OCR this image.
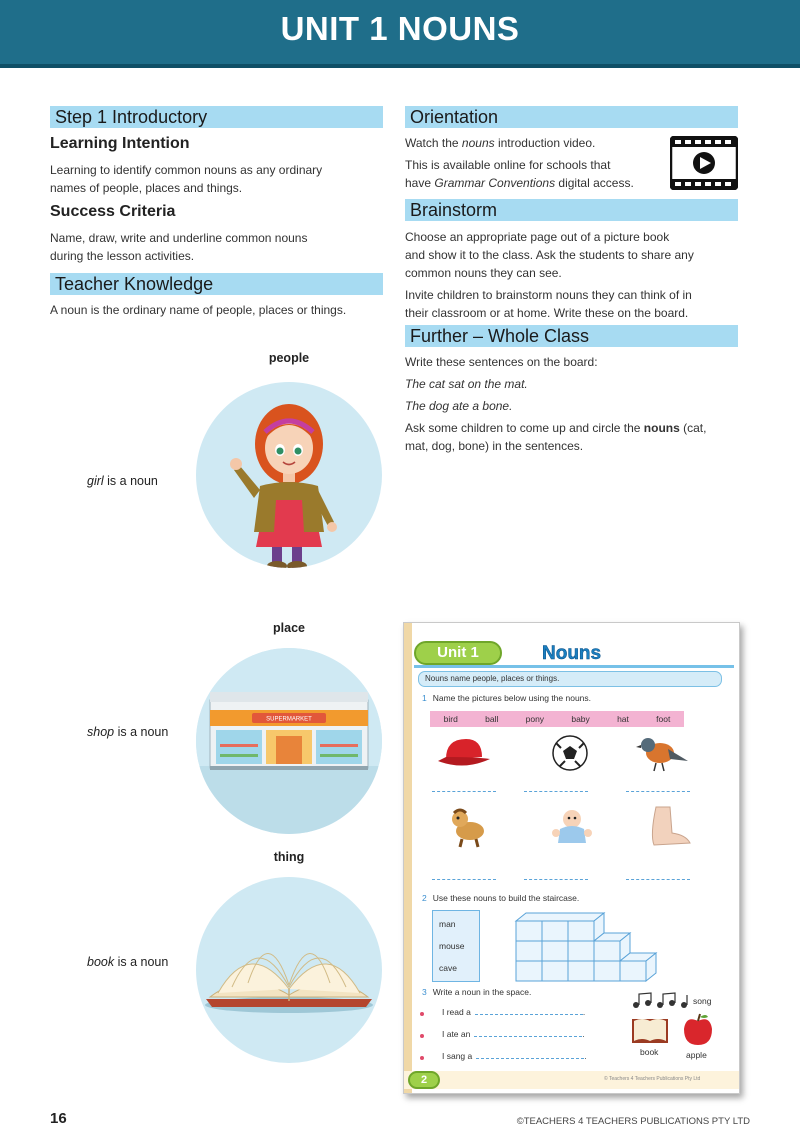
UNIT 1 NOUNS
Step 1 Introductory
Learning Intention
Learning to identify common nouns as any ordinary
names of people, places and things.
Success Criteria
Name, draw, write and underline common nouns
during the lesson activities.
Teacher Knowledge
A noun is the ordinary name of people, places or things.
people
girl is a noun
place
shop is a noun
SUPERMARKET
thing
book is a noun
Orientation
Watch the nouns introduction video.
This is available online for schools that
have Grammar Conventions digital access.
Brainstorm
Choose an appropriate page out of a picture book
and show it to the class. Ask the students to share any
common nouns they can see.
Invite children to brainstorm nouns they can think of in
their classroom or at home. Write these on the board.
Further – Whole Class
Write these sentences on the board:
The cat sat on the mat.
The dog ate a bone.
Ask some children to come up and circle the nouns (cat,
mat, dog, bone) in the sentences.
Unit 1	Nouns
Nouns name people, places or things.
1 Name the pictures below using the nouns.
bird	ball	pony	baby	hat	foot
2 Use these nouns to build the staircase.
man
mouse
cave
3 Write a noun in the space.
I read a	.
I ate an	.
I sang a	.
song
book	apple
2	© Teachers 4 Teachers Publications Pty Ltd
16	©TEACHERS 4 TEACHERS PUBLICATIONS PTY LTD
